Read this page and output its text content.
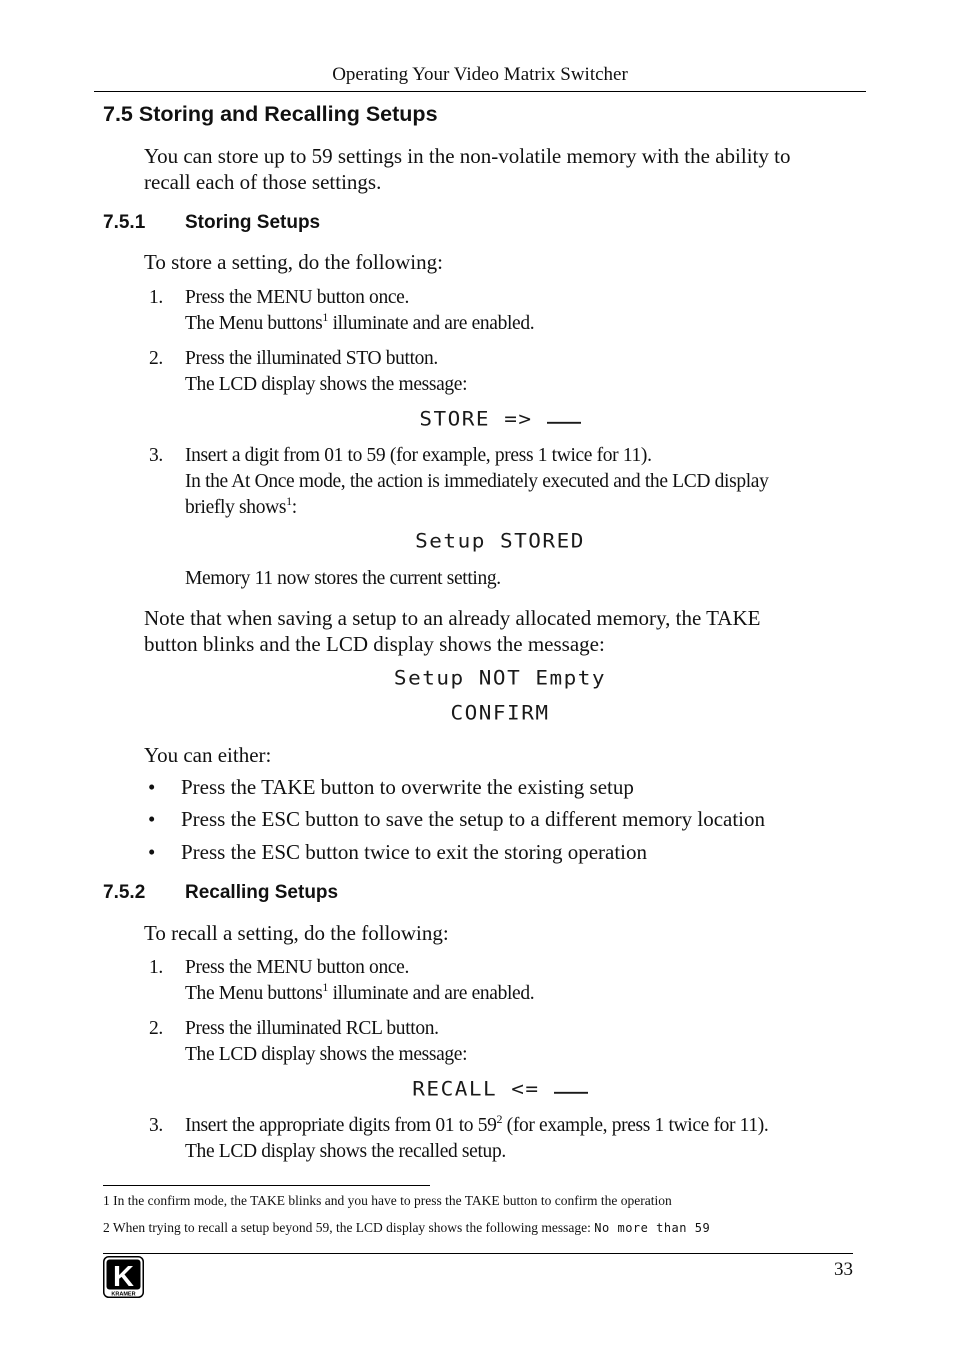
Operating Your Video Matrix Switcher
7.5 Storing and Recalling Setups
You can store up to 59 settings in the non-volatile memory with the ability to
recall each of those settings.
7.5.1 Storing Setups
To store a setting, do the following:
1. Press the MENU button once.
The Menu buttons$^1$ illuminate and are enabled.
2. Press the illuminated STO button.
The LCD display shows the message:
STORE =>
3. Insert a digit from 01 to 59 (for example, press 1 twice for 11).
In the At Once mode, the action is immediately executed and the LCD display
briefly shows$^1$:
Setup STORED
Memory 11 now stores the current setting.
Note that when saving a setup to an already allocated memory, the TAKE
button blinks and the LCD display shows the message:
Setup NOT Empty
CONFIRM
You can either:
• Press the TAKE button to overwrite the existing setup
• Press the ESC button to save the setup to a different memory location
• Press the ESC button twice to exit the storing operation
7.5.2 Recalling Setups
To recall a setting, do the following:
1. Press the MENU button once.
The Menu buttons$^1$ illuminate and are enabled.
2. Press the illuminated RCL button.
The LCD display shows the message:
RECALL <=
3. Insert the appropriate digits from 01 to $59^2$ (for example, press 1 twice for 11).
The LCD display shows the recalled setup.
1 In the confirm mode, the TAKE blinks and you have to press the TAKE button to confirm the operation
2 When trying to recall a setup beyond 59, the LCD display shows the following message: No more than 59
33
K
KRAMER
